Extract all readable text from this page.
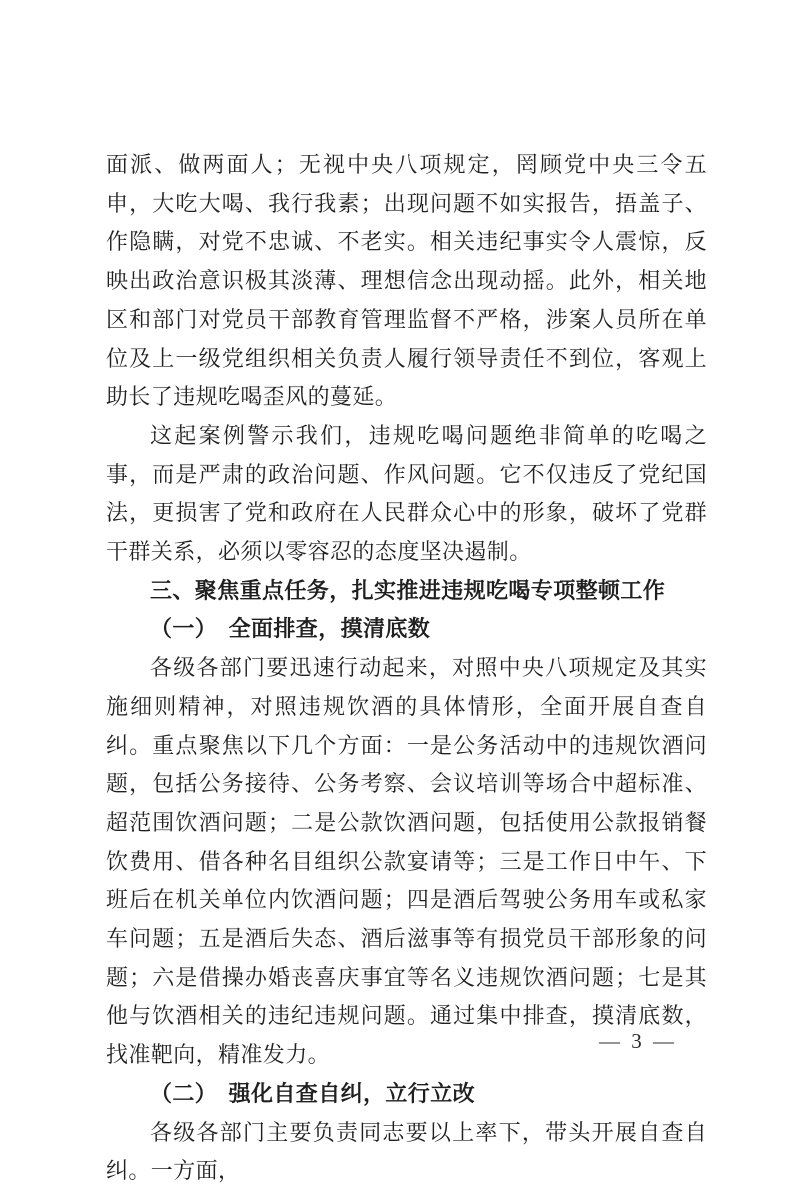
面派、做两面人；无视中央八项规定，罔顾党中央三令五申，大吃大喝、我行我素；出现问题不如实报告，捂盖子、作隐瞒，对党不忠诚、不老实。相关违纪事实令人震惊，反映出政治意识极其淡薄、理想信念出现动摇。此外，相关地区和部门对党员干部教育管理监督不严格，涉案人员所在单位及上一级党组织相关负责人履行领导责任不到位，客观上助长了违规吃喝歪风的蔓延。

这起案例警示我们，违规吃喝问题绝非简单的吃喝之事，而是严肃的政治问题、作风问题。它不仅违反了党纪国法，更损害了党和政府在人民群众心中的形象，破坏了党群干群关系，必须以零容忍的态度坚决遏制。

三、聚焦重点任务，扎实推进违规吃喝专项整顿工作

（一）　全面排查，摸清底数

各级各部门要迅速行动起来，对照中央八项规定及其实施细则精神，对照违规饮酒的具体情形，全面开展自查自纠。重点聚焦以下几个方面：一是公务活动中的违规饮酒问题，包括公务接待、公务考察、会议培训等场合中超标准、超范围饮酒问题；二是公款饮酒问题，包括使用公款报销餐饮费用、借各种名目组织公款宴请等；三是工作日中午、下班后在机关单位内饮酒问题；四是酒后驾驶公务用车或私家车问题；五是酒后失态、酒后滋事等有损党员干部形象的问题；六是借操办婚丧喜庆事宜等名义违规饮酒问题；七是其他与饮酒相关的违纪违规问题。通过集中排查，摸清底数，找准靶向，精准发力。

（二）　强化自查自纠，立行立改

各级各部门主要负责同志要以上率下，带头开展自查自纠。一方面，

— 3 —
